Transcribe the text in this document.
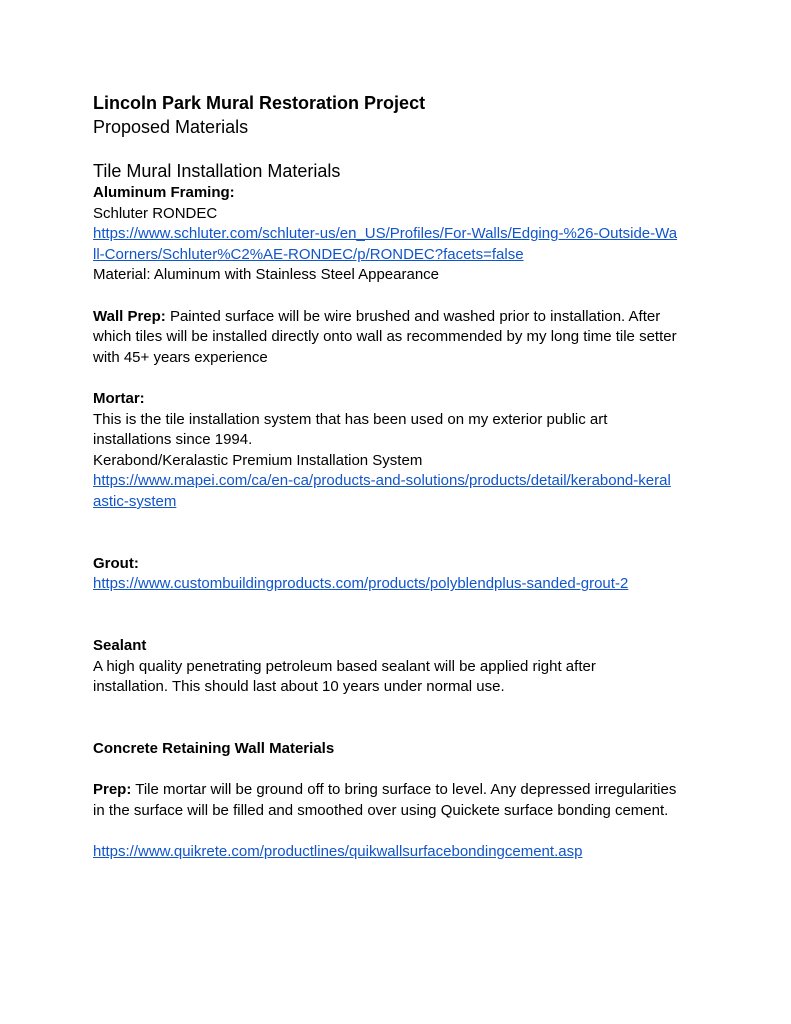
Lincoln Park Mural Restoration Project

Proposed Materials

Tile Mural Installation Materials

Aluminum Framing:

Schluter RONDEC

https://www.schluter.com/schluter-us/en_US/Profiles/For-Walls/Edging-%26-Outside-Wa

ll-Corners/Schluter%C2%AE-RONDEC/p/RONDEC?facets=false

Material: Aluminum with Stainless Steel Appearance

Wall Prep: Painted surface will be wire brushed and washed prior to installation. After

which tiles will be installed directly onto wall as recommended by my long time tile setter

with 45+ years experience

Mortar:

This is the tile installation system that has been used on my exterior public art

installations since 1994.

Kerabond/Keralastic Premium Installation System

https://www.mapei.com/ca/en-ca/products-and-solutions/products/detail/kerabond-keral

astic-system

Grout:

https://www.custombuildingproducts.com/products/polyblendplus-sanded-grout-2

Sealant

A high quality penetrating petroleum based sealant will be applied right after

installation. This should last about 10 years under normal use.

Concrete Retaining Wall Materials

Prep: Tile mortar will be ground off to bring surface to level. Any depressed irregularities

in the surface will be filled and smoothed over using Quickete surface bonding cement.

https://www.quikrete.com/productlines/quikwallsurfacebondingcement.asp
